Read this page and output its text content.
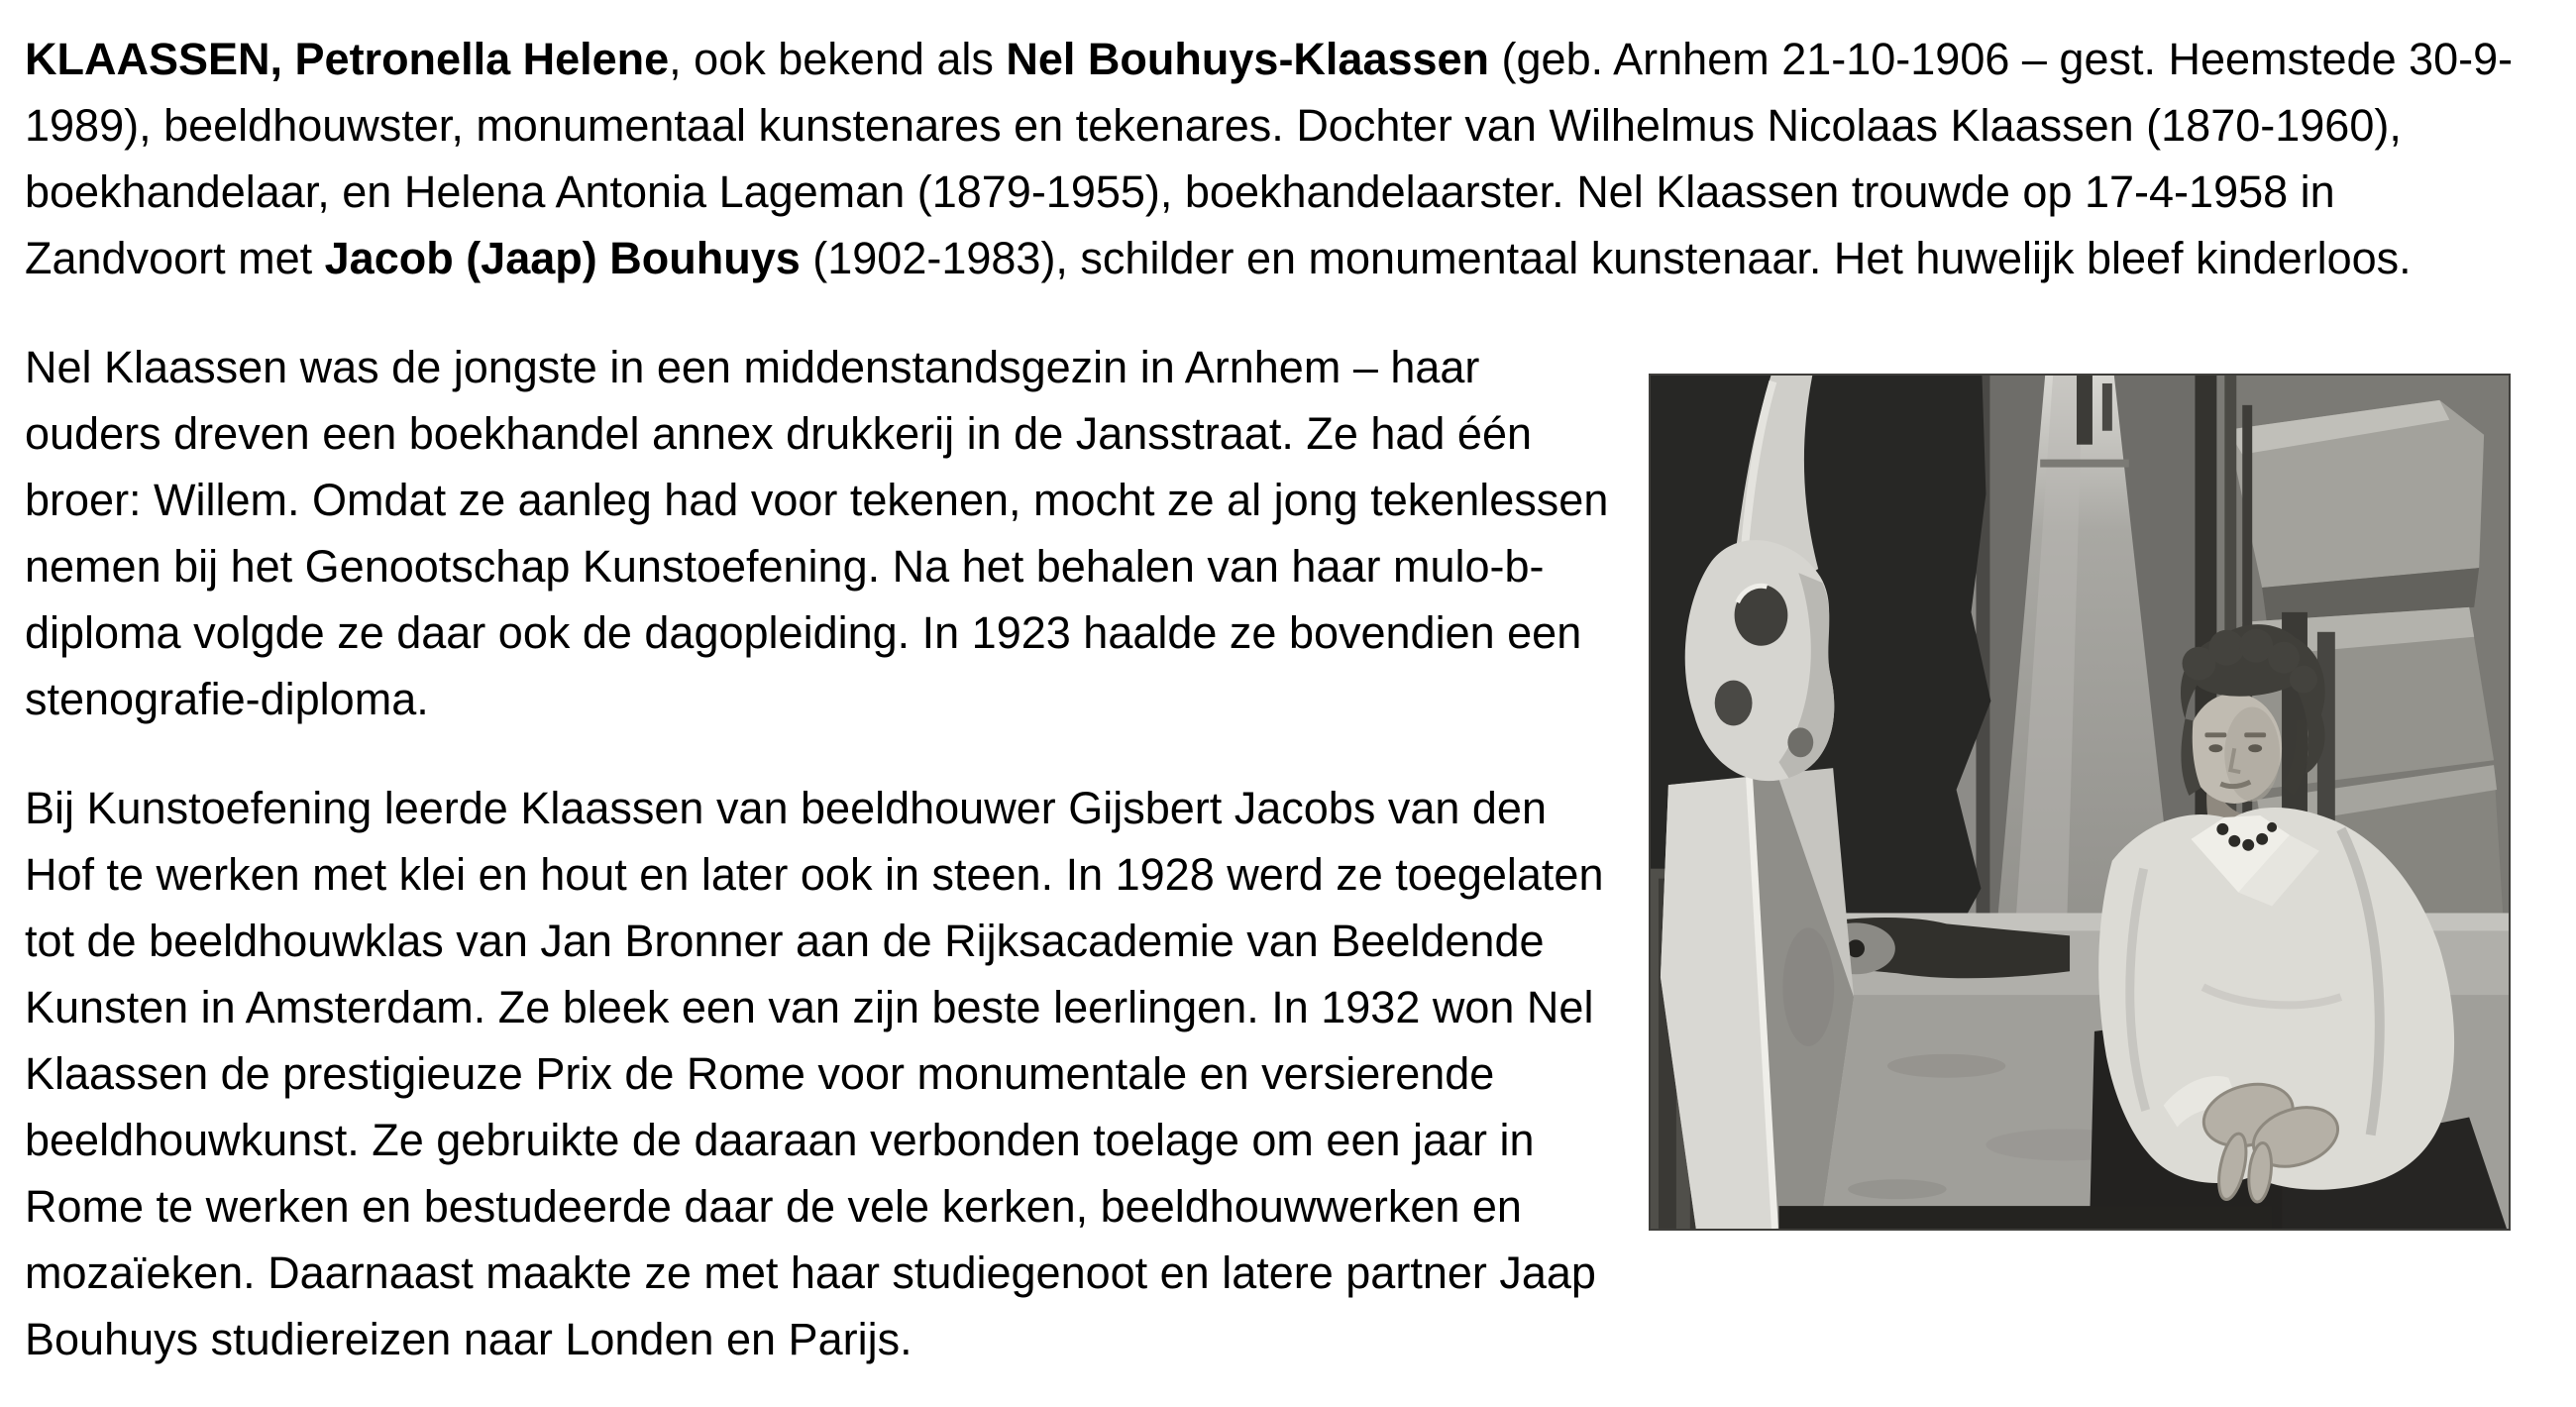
KLAASSEN, Petronella Helene, ook bekend als Nel Bouhuys-Klaassen (geb. Arnhem 21-10-1906 – gest. Heemstede 30-9-1989), beeldhouwster, monumentaal kunstenares en tekenares. Dochter van Wilhelmus Nicolaas Klaassen (1870-1960), boekhandelaar, en Helena Antonia Lageman (1879-1955), boekhandelaarster. Nel Klaassen trouwde op 17-4-1958 in Zandvoort met Jacob (Jaap) Bouhuys (1902-1983), schilder en monumentaal kunstenaar. Het huwelijk bleef kinderloos.

Nel Klaassen was de jongste in een middenstandsgezin in Arnhem – haar ouders dreven een boekhandel annex drukkerij in de Jansstraat. Ze had één broer: Willem. Omdat ze aanleg had voor tekenen, mocht ze al jong tekenlessen nemen bij het Genootschap Kunstoefening. Na het behalen van haar mulo-b-diploma volgde ze daar ook de dagopleiding. In 1923 haalde ze bovendien een stenografie-diploma.

Bij Kunstoefening leerde Klaassen van beeldhouwer Gijsbert Jacobs van den Hof te werken met klei en hout en later ook in steen. In 1928 werd ze toegelaten tot de beeldhouwklas van Jan Bronner aan de Rijksacademie van Beeldende Kunsten in Amsterdam. Ze bleek een van zijn beste leerlingen. In 1932 won Nel Klaassen de prestigieuze Prix de Rome voor monumentale en versierende beeldhouwkunst. Ze gebruikte de daaraan verbonden toelage om een jaar in Rome te werken en bestudeerde daar de vele kerken, beeldhouwwerken en mozaïeken. Daarnaast maakte ze met haar studiegenoot en latere partner Jaap Bouhuys studiereizen naar Londen en Parijs.
